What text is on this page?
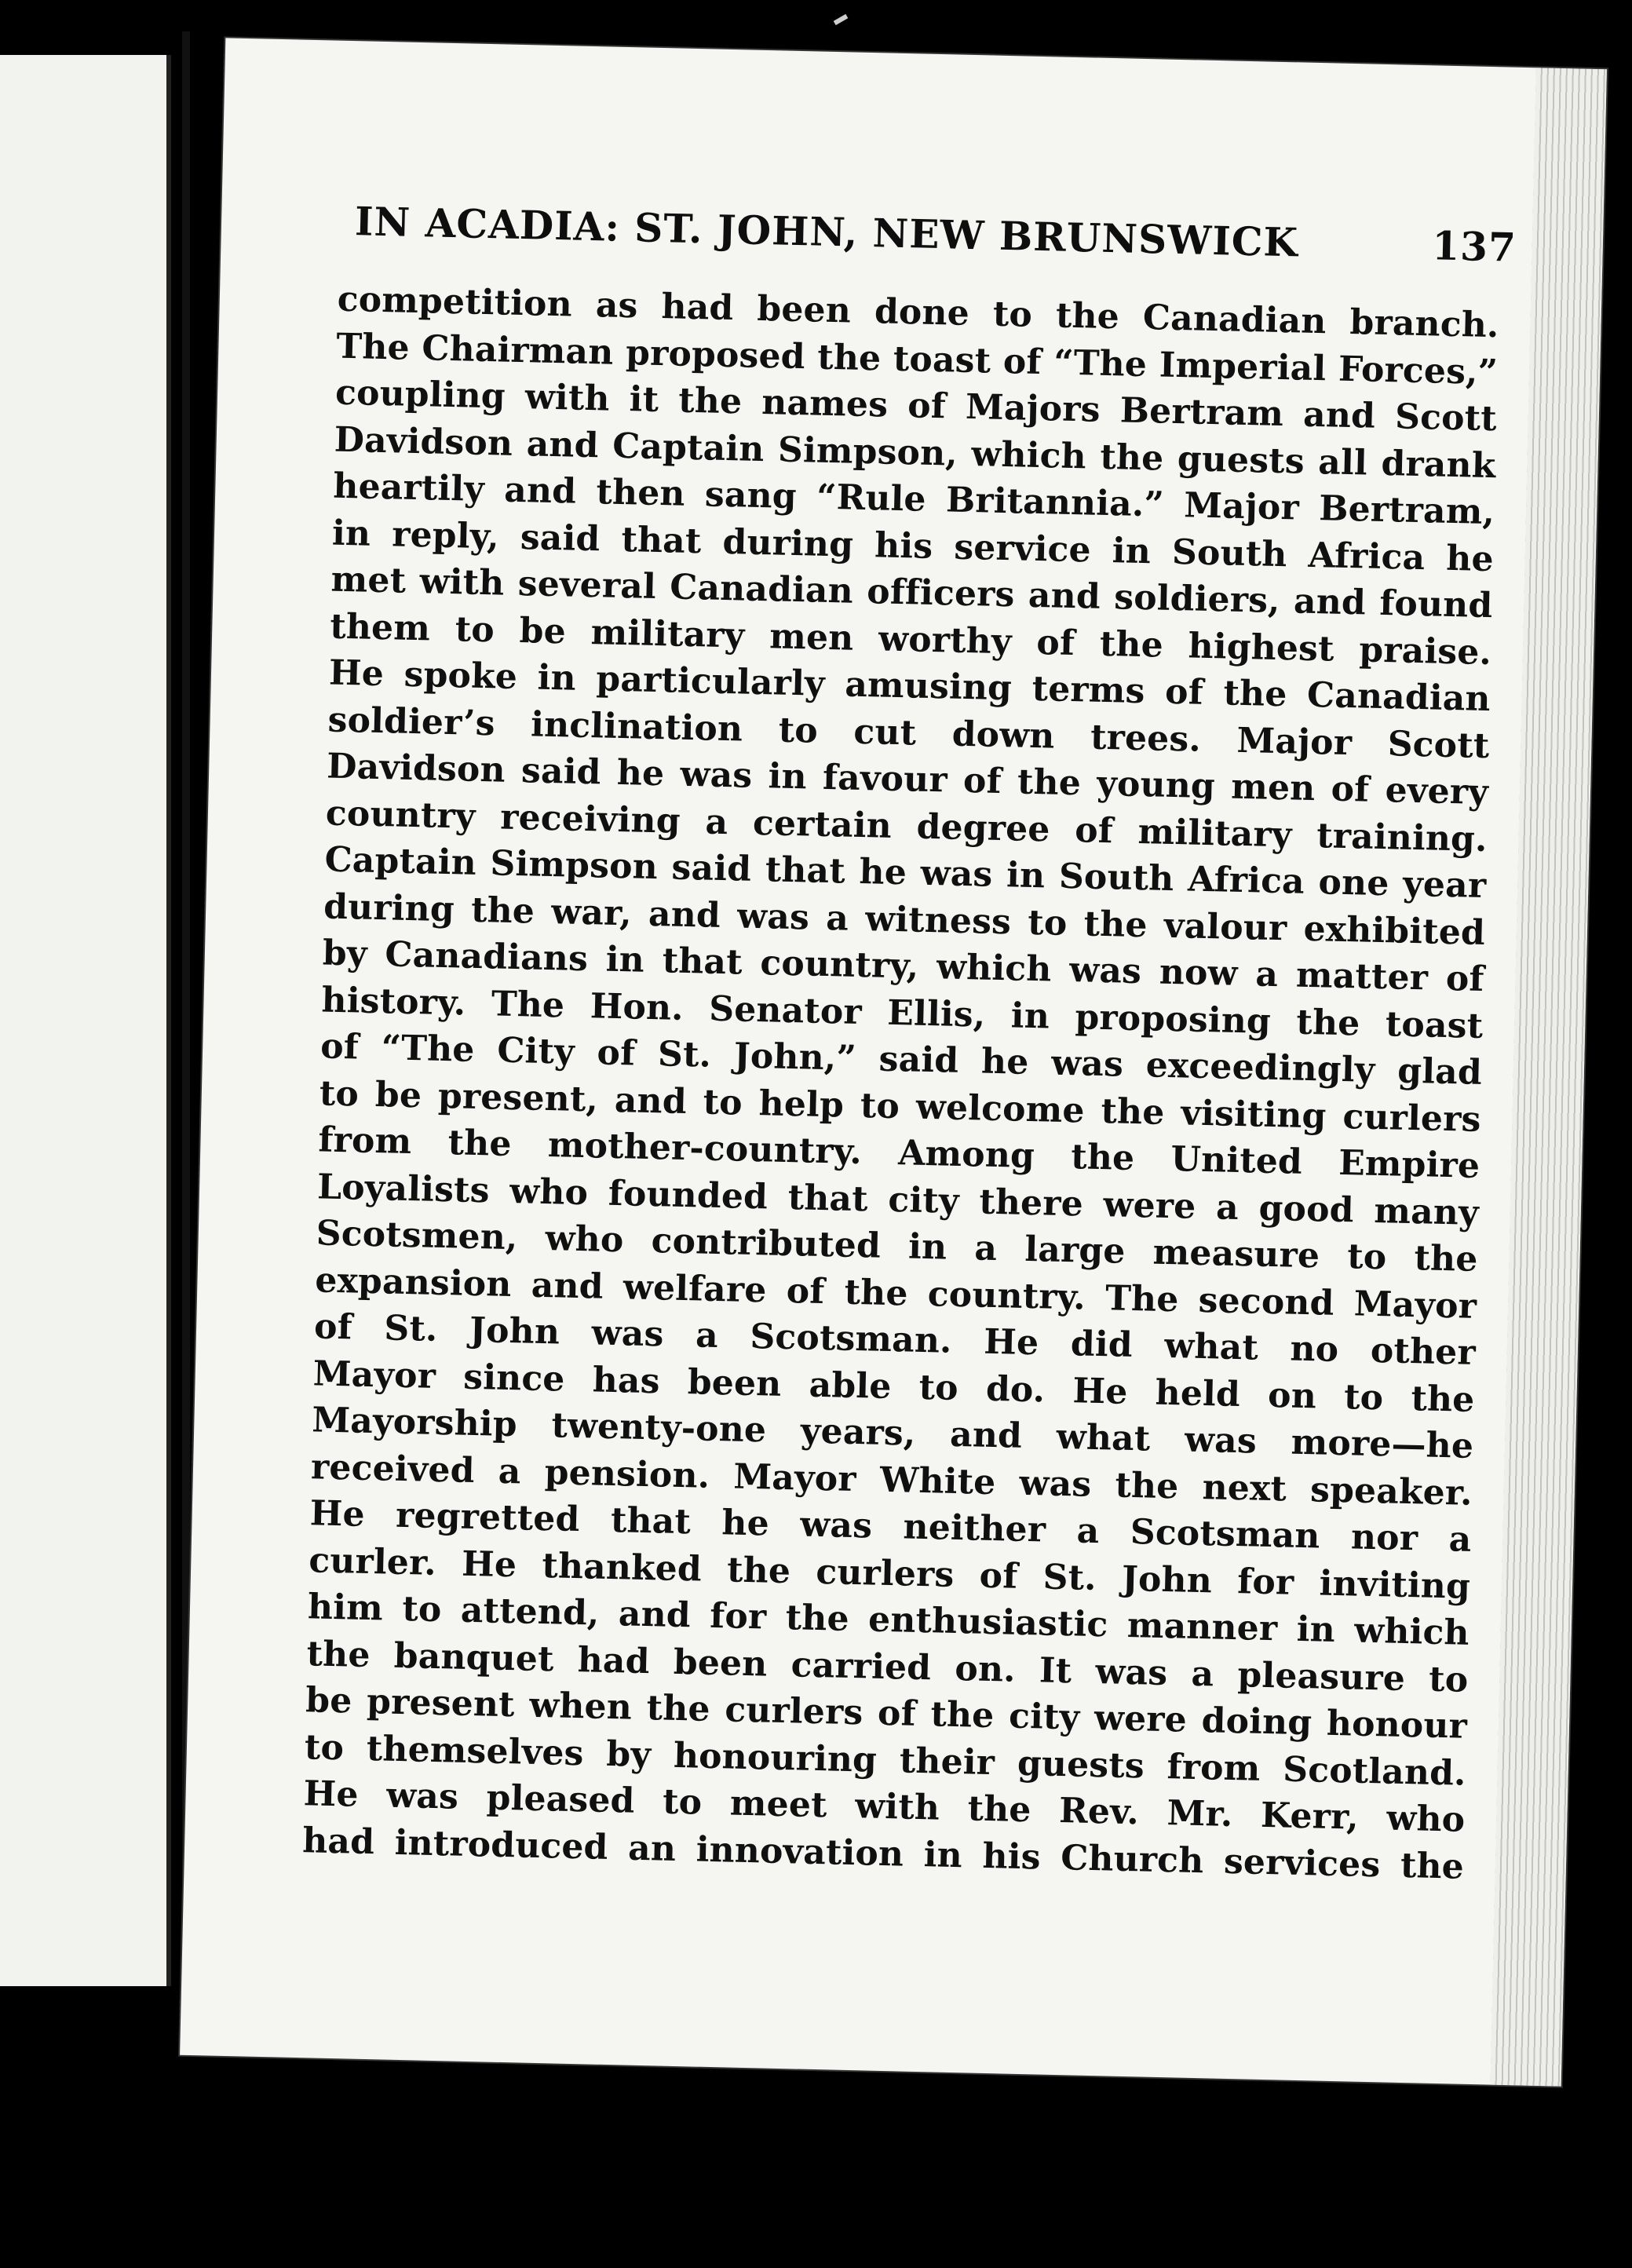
IN ACADIA: ST. JOHN, NEW BRUNSWICK	137
competition as had been done to the Canadian branch.
The Chairman proposed the toast of “The Imperial Forces,”
coupling with it the names of Majors Bertram and Scott
Davidson and Captain Simpson, which the guests all drank
heartily and then sang “Rule Britannia.” Major Bertram,
in reply, said that during his service in South Africa he
met with several Canadian officers and soldiers, and found
them to be military men worthy of the highest praise.
He spoke in particularly amusing terms of the Canadian
soldier’s inclination to cut down trees. Major Scott
Davidson said he was in favour of the young men of every
country receiving a certain degree of military training.
Captain Simpson said that he was in South Africa one year
during the war, and was a witness to the valour exhibited
by Canadians in that country, which was now a matter of
history. The Hon. Senator Ellis, in proposing the toast
of “The City of St. John,” said he was exceedingly glad
to be present, and to help to welcome the visiting curlers
from the mother-country. Among the United Empire
Loyalists who founded that city there were a good many
Scotsmen, who contributed in a large measure to the
expansion and welfare of the country. The second Mayor
of St. John was a Scotsman. He did what no other
Mayor since has been able to do. He held on to the
Mayorship twenty-one years, and what was more—he
received a pension. Mayor White was the next speaker.
He regretted that he was neither a Scotsman nor a
curler. He thanked the curlers of St. John for inviting
him to attend, and for the enthusiastic manner in which
the banquet had been carried on. It was a pleasure to
be present when the curlers of the city were doing honour
to themselves by honouring their guests from Scotland.
He was pleased to meet with the Rev. Mr. Kerr, who
had introduced an innovation in his Church services the
